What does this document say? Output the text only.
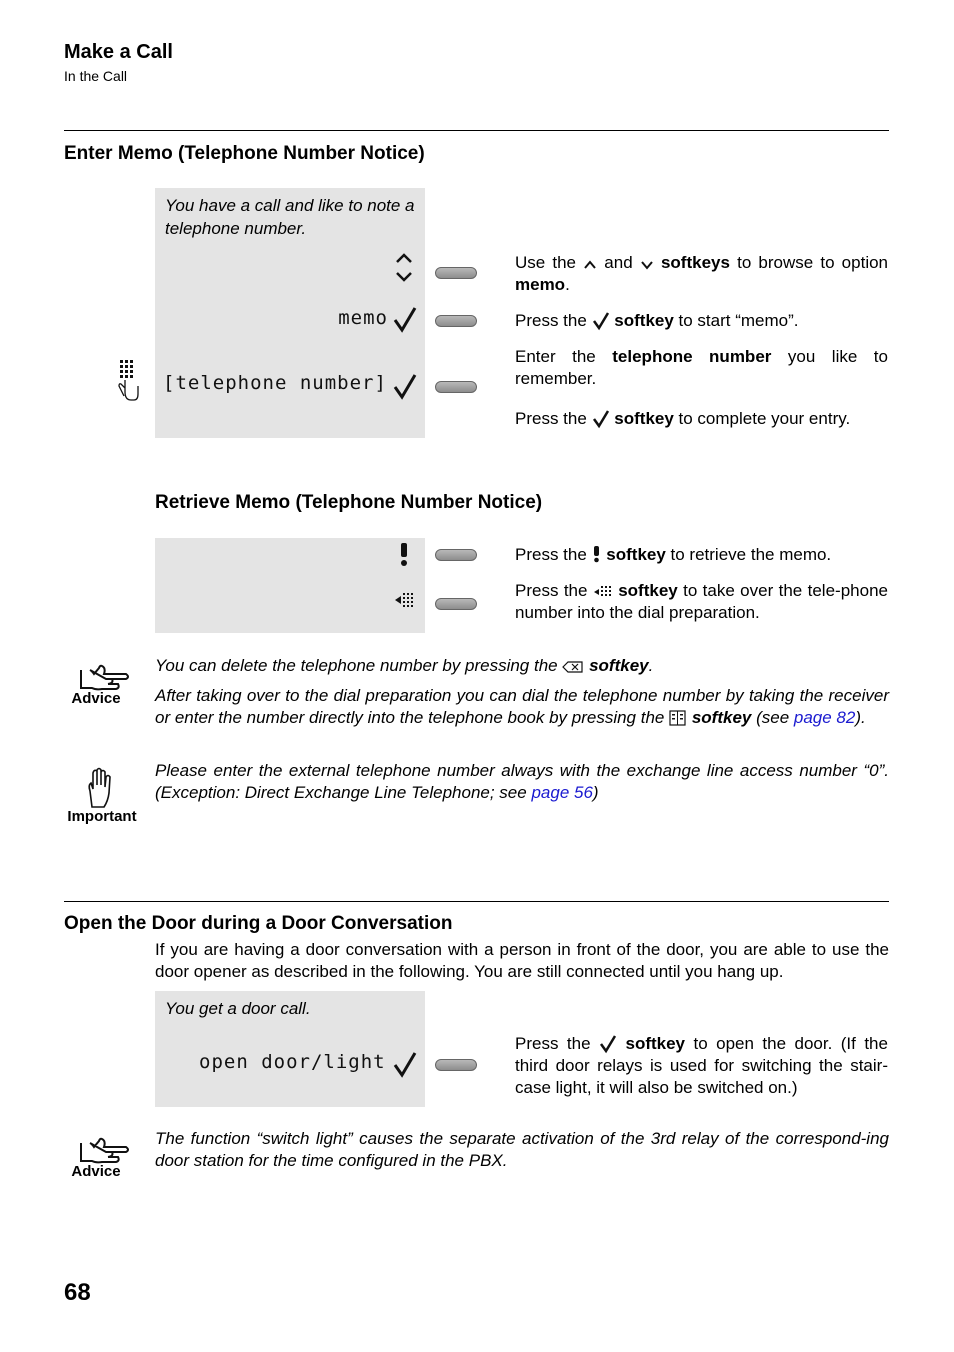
Make a Call
In the Call
Enter Memo (Telephone Number Notice)
You have a call and like to note a telephone number.
memo
[telephone number]
Use the  and  softkeys to browse to option memo.
Press the  softkey to start “memo”.
Enter the telephone number you like to remember.
Press the  softkey to complete your entry.
Retrieve Memo (Telephone Number Notice)
Press the  softkey to retrieve the memo.
Press the  softkey to take over the tele-phone number into the dial preparation.
Advice
You can delete the telephone number by pressing the  softkey.
After taking over to the dial preparation you can dial the telephone number by taking the receiver or enter the number directly into the telephone book by pressing the  softkey (see page 82).
Important
Please enter the external telephone number always with the exchange line access number “0”. (Exception: Direct Exchange Line Telephone; see page 56)
Open the Door during a Door Conversation
If you are having a door conversation with a person in front of the door, you are able to use the door opener as described in the following. You are still connected until you hang up.
You get a door call.
open door/light
Press the  softkey to open the door. (If the third door relays is used for switching the stair-case light, it will also be switched on.)
Advice
The function “switch light” causes the separate activation of the 3rd relay of the correspond-ing door station for the time configured in the PBX.
68
